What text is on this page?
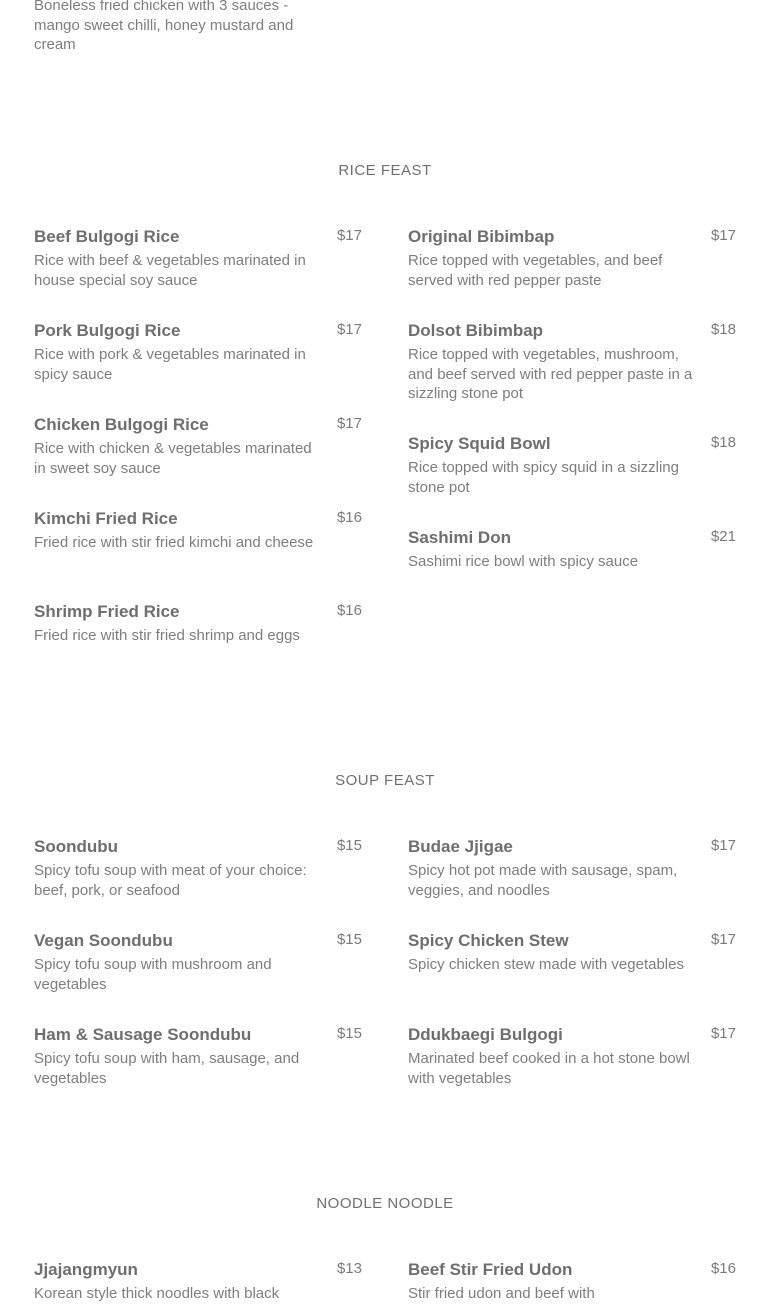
Boneless fried chicken with 3 sauces - mango sweet chilli, honey mustard and cream
RICE FEAST
Beef Bulgogi Rice	$17
Rice with beef & vegetables marinated in house special soy sauce
Pork Bulgogi Rice	$17
Rice with pork & vegetables marinated in spicy sauce
Chicken Bulgogi Rice	$17
Rice with chicken & vegetables marinated in sweet soy sauce
Kimchi Fried Rice	$16
Fried rice with stir fried kimchi and cheese
Shrimp Fried Rice	$16
Fried rice with stir fried shrimp and eggs
Original Bibimbap	$17
Rice topped with vegetables, and beef served with red pepper paste
Dolsot Bibimbap	$18
Rice topped with vegetables, mushroom, and beef served with red pepper paste in a sizzling stone pot
Spicy Squid Bowl	$18
Rice topped with spicy squid in a sizzling stone pot
Sashimi Don	$21
Sashimi rice bowl with spicy sauce
SOUP FEAST
Soondubu	$15
Spicy tofu soup with meat of your choice: beef, pork, or seafood
Vegan Soondubu	$15
Spicy tofu soup with mushroom and vegetables
Ham & Sausage Soondubu	$15
Spicy tofu soup with ham, sausage, and vegetables
Budae Jjigae	$17
Spicy hot pot made with sausage, spam, veggies, and noodles
Spicy Chicken Stew	$17
Spicy chicken stew made with vegetables
Ddukbaegi Bulgogi	$17
Marinated beef cooked in a hot stone bowl with vegetables
NOODLE NOODLE
Jjajangmyun	$13
Korean style thick noodles with black
Beef Stir Fried Udon	$16
Stir fried udon and beef with
